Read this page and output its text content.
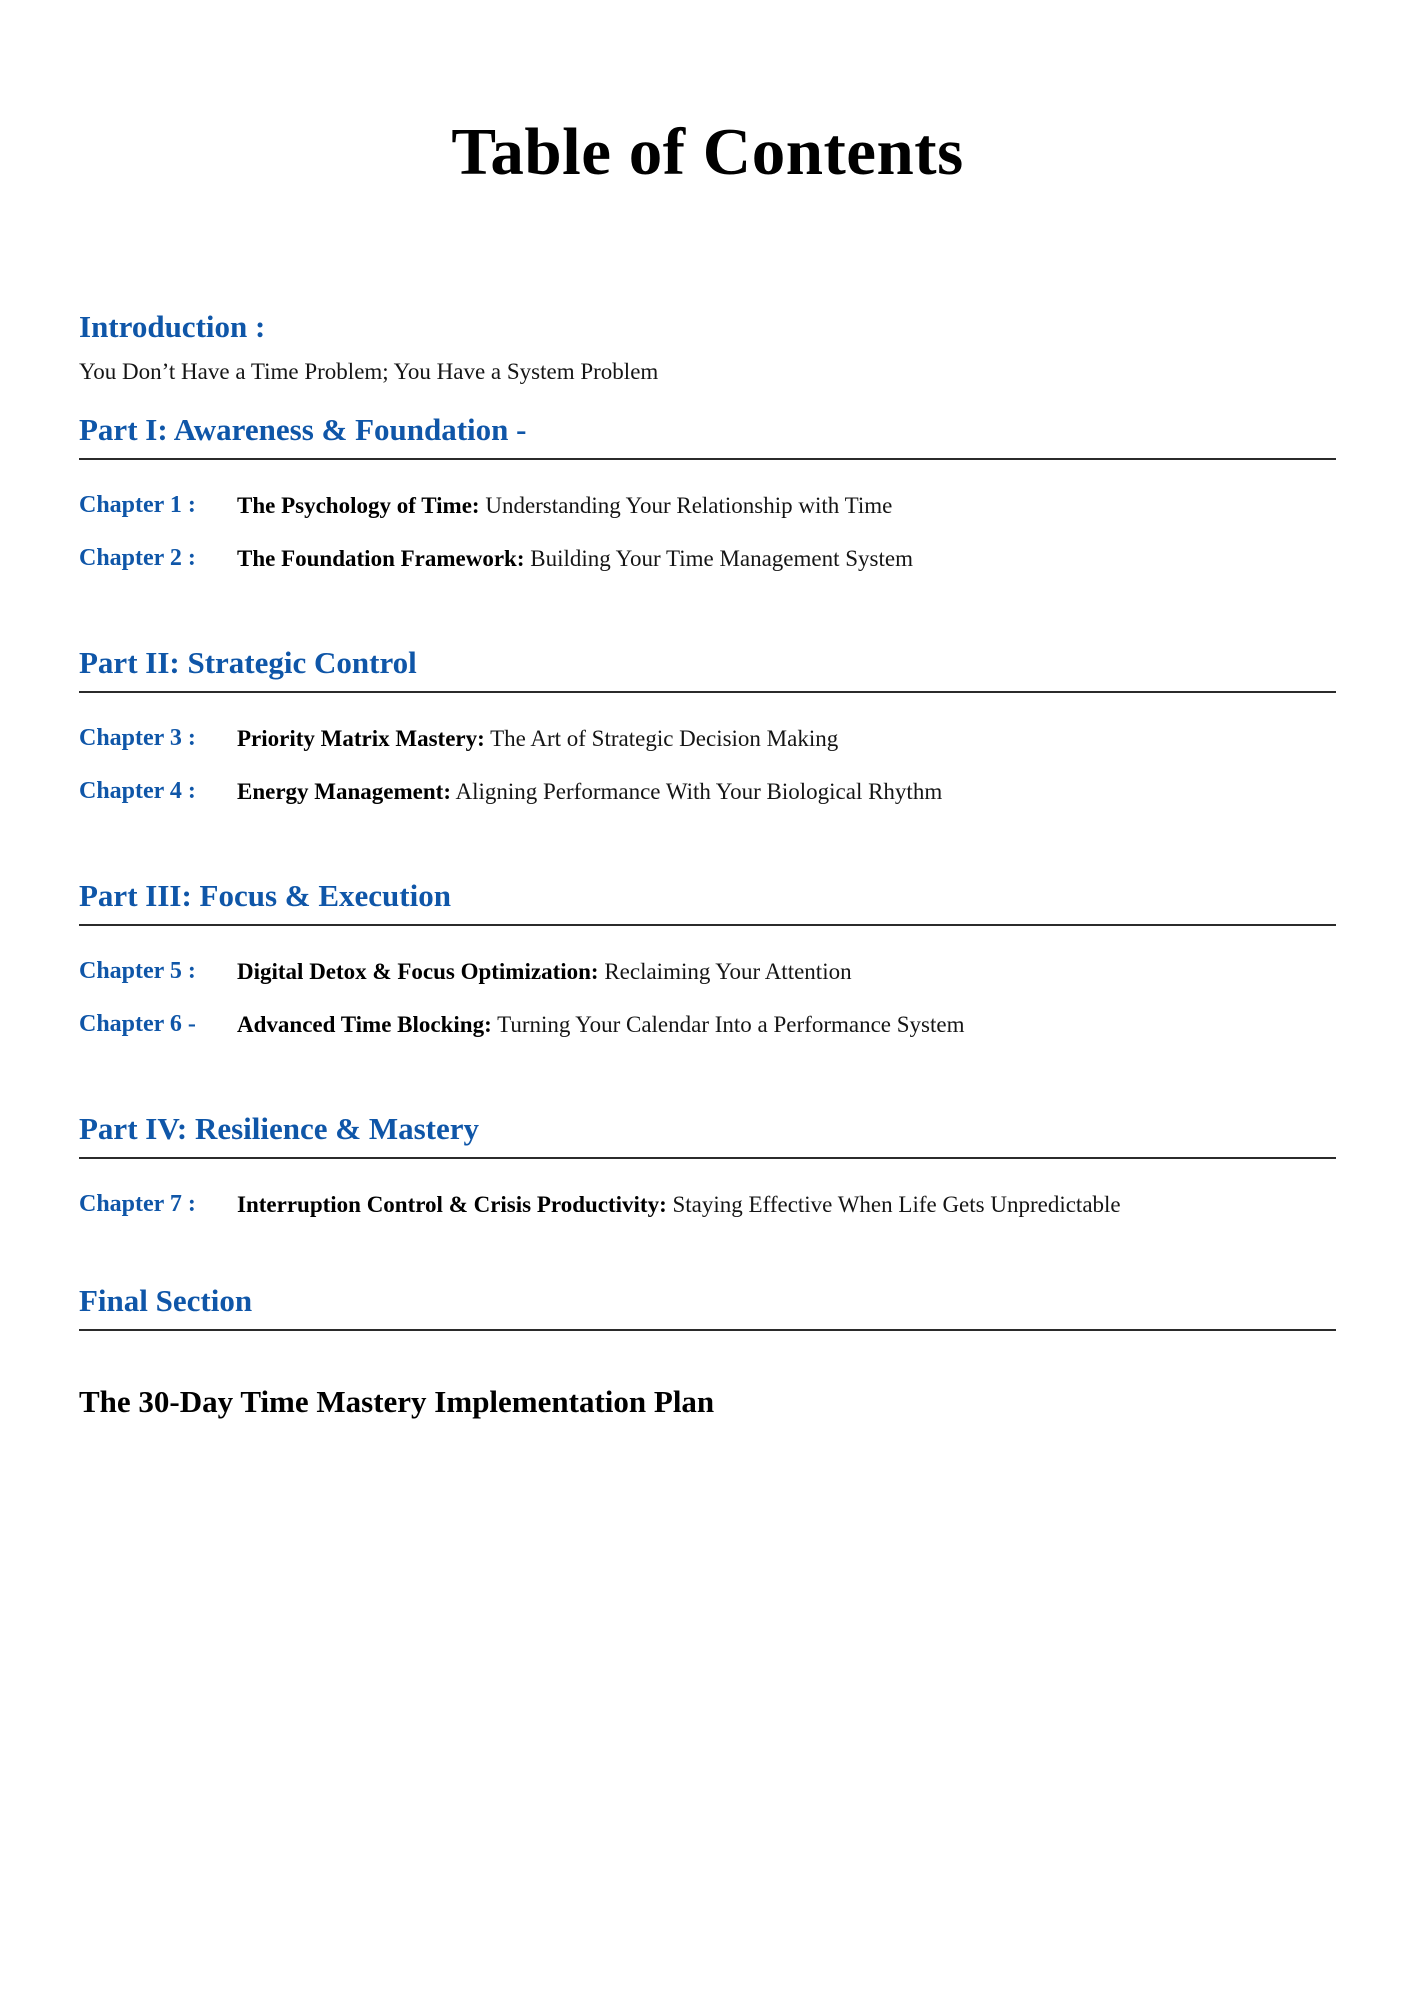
Table of Contents
Introduction :

You Don’t Have a Time Problem; You Have a System Problem

Part I: Awareness & Foundation -
Chapter 1 :	The Psychology of Time: Understanding Your Relationship with Time
Chapter 2 :	The Foundation Framework: Building Your Time Management System
Part II: Strategic Control
Chapter 3 :	Priority Matrix Mastery: The Art of Strategic Decision Making
Chapter 4 :	Energy Management: Aligning Performance With Your Biological Rhythm
Part III: Focus & Execution
Chapter 5 :	Digital Detox & Focus Optimization: Reclaiming Your Attention
Chapter 6 -	Advanced Time Blocking: Turning Your Calendar Into a Performance System
Part IV: Resilience & Mastery
Chapter 7 :	Interruption Control & Crisis Productivity: Staying Effective When Life Gets Unpredictable
Final Section

The 30-Day Time Mastery Implementation Plan
